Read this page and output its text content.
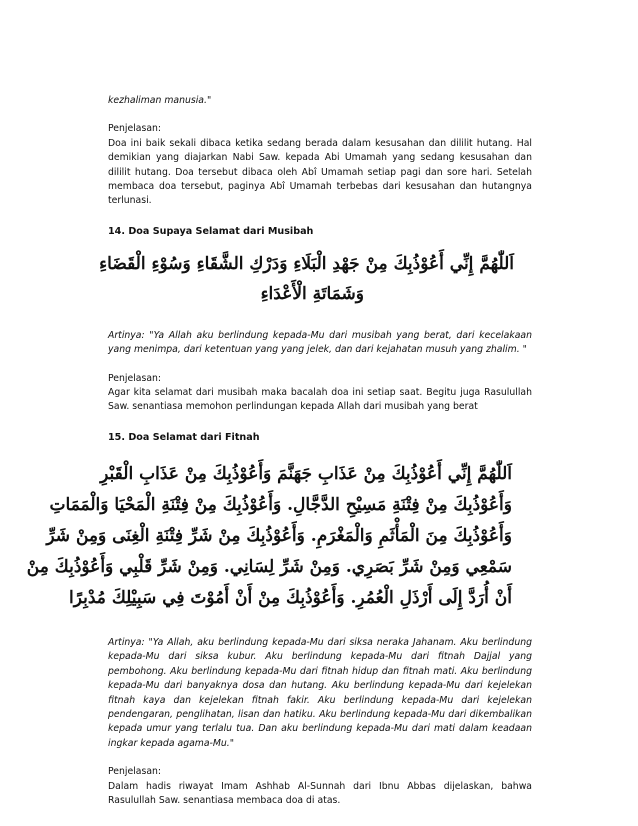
kezhaliman manusia."

Penjelasan:

Doa ini baik sekali dibaca ketika sedang berada dalam kesusahan dan dililit hutang. Hal demikian yang diajarkan Nabi Saw. kepada Abi Umamah yang sedang kesusahan dan dililit hutang. Doa tersebut dibaca oleh Abî Umamah setiap pagi dan sore hari. Setelah membaca doa tersebut, paginya Abî Umamah terbebas dari kesusahan dan hutangnya terlunasi.

14. Doa Supaya Selamat dari Musibah

اَللّٰهُمَّ إِنِّي أَعُوْذُبِكَ مِنْ جَهْدِ الْبَلَاءِ وَدَرْكِ الشَّقَاءِ وَسُوْءِ الْقَضَاءِ
وَشَمَاتَةِ الْأَعْدَاءِ

Artinya: "Ya Allah aku berlindung kepada-Mu dari musibah yang berat, dari kecelakaan yang menimpa, dari ketentuan yang yang jelek, dan dari kejahatan musuh yang zhalim. "

Penjelasan:

Agar kita selamat dari musibah maka bacalah doa ini setiap saat. Begitu juga Rasulullah Saw. senantiasa memohon perlindungan kepada Allah dari musibah yang berat

15. Doa Selamat dari Fitnah

اَللّٰهُمَّ إِنِّي أَعُوْذُبِكَ مِنْ عَذَابِ جَهَنَّمَ وَأَعُوْذُبِكَ مِنْ عَذَابِ الْقَبْرِ
وَأَعُوْذُبِكَ مِنْ فِتْنَةِ مَسِيْحِ الدَّجَّالِ. وَأَعُوْذُبِكَ مِنْ فِتْنَةِ الْمَحْيَا وَالْمَمَاتِ
وَأَعُوْذُبِكَ مِنَ الْمَأْثَمِ وَالْمَغْرَمِ. وَأَعُوْذُبِكَ مِنْ شَرِّ فِتْنَةِ الْغِنَى وَمِنْ شَرِّ
سَمْعِي وَمِنْ شَرِّ بَصَرِي. وَمِنْ شَرِّ لِسَانِي. وَمِنْ شَرِّ قَلْبِي وَأَعُوْذُبِكَ مِنْ
أَنْ أُرَدَّ إِلَى أَرْذَلِ الْعُمُرِ. وَأَعُوْذُبِكَ مِنْ أَنْ أَمُوْتَ فِي سَبِيْلِكَ مُدْبِرًا

Artinya: "Ya Allah, aku berlindung kepada-Mu dari siksa neraka Jahanam. Aku berlindung kepada-Mu dari siksa kubur. Aku berlindung kepada-Mu dari fitnah Dajjal yang pembohong. Aku berlindung kepada-Mu dari fitnah hidup dan fitnah mati. Aku berlindung kepada-Mu dari banyaknya dosa dan hutang. Aku berlindung kepada-Mu dari kejelekan fitnah kaya dan kejelekan fitnah fakir. Aku berlindung kepada-Mu dari kejelekan pendengaran, penglihatan, lisan dan hatiku. Aku berlindung kepada-Mu dari dikembalikan kepada umur yang terlalu tua. Dan aku berlindung kepada-Mu dari mati dalam keadaan ingkar kepada agama-Mu."

Penjelasan:

Dalam hadis riwayat Imam Ashhab Al-Sunnah dari Ibnu Abbas dijelaskan, bahwa Rasulullah Saw. senantiasa membaca doa di atas.
